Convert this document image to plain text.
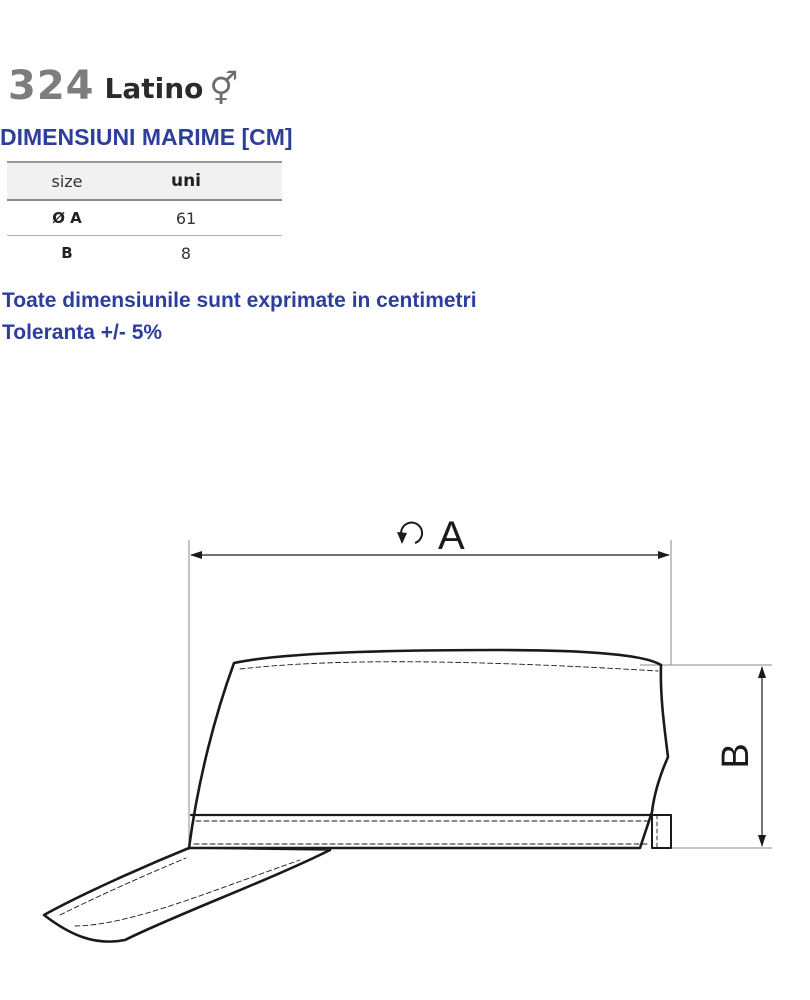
324 Latino ⚥
DIMENSIUNI MARIME [CM]
size	uni
Ø A	61
B	8
Toate dimensiunile sunt exprimate in centimetri
Toleranta +/- 5%
A
B
